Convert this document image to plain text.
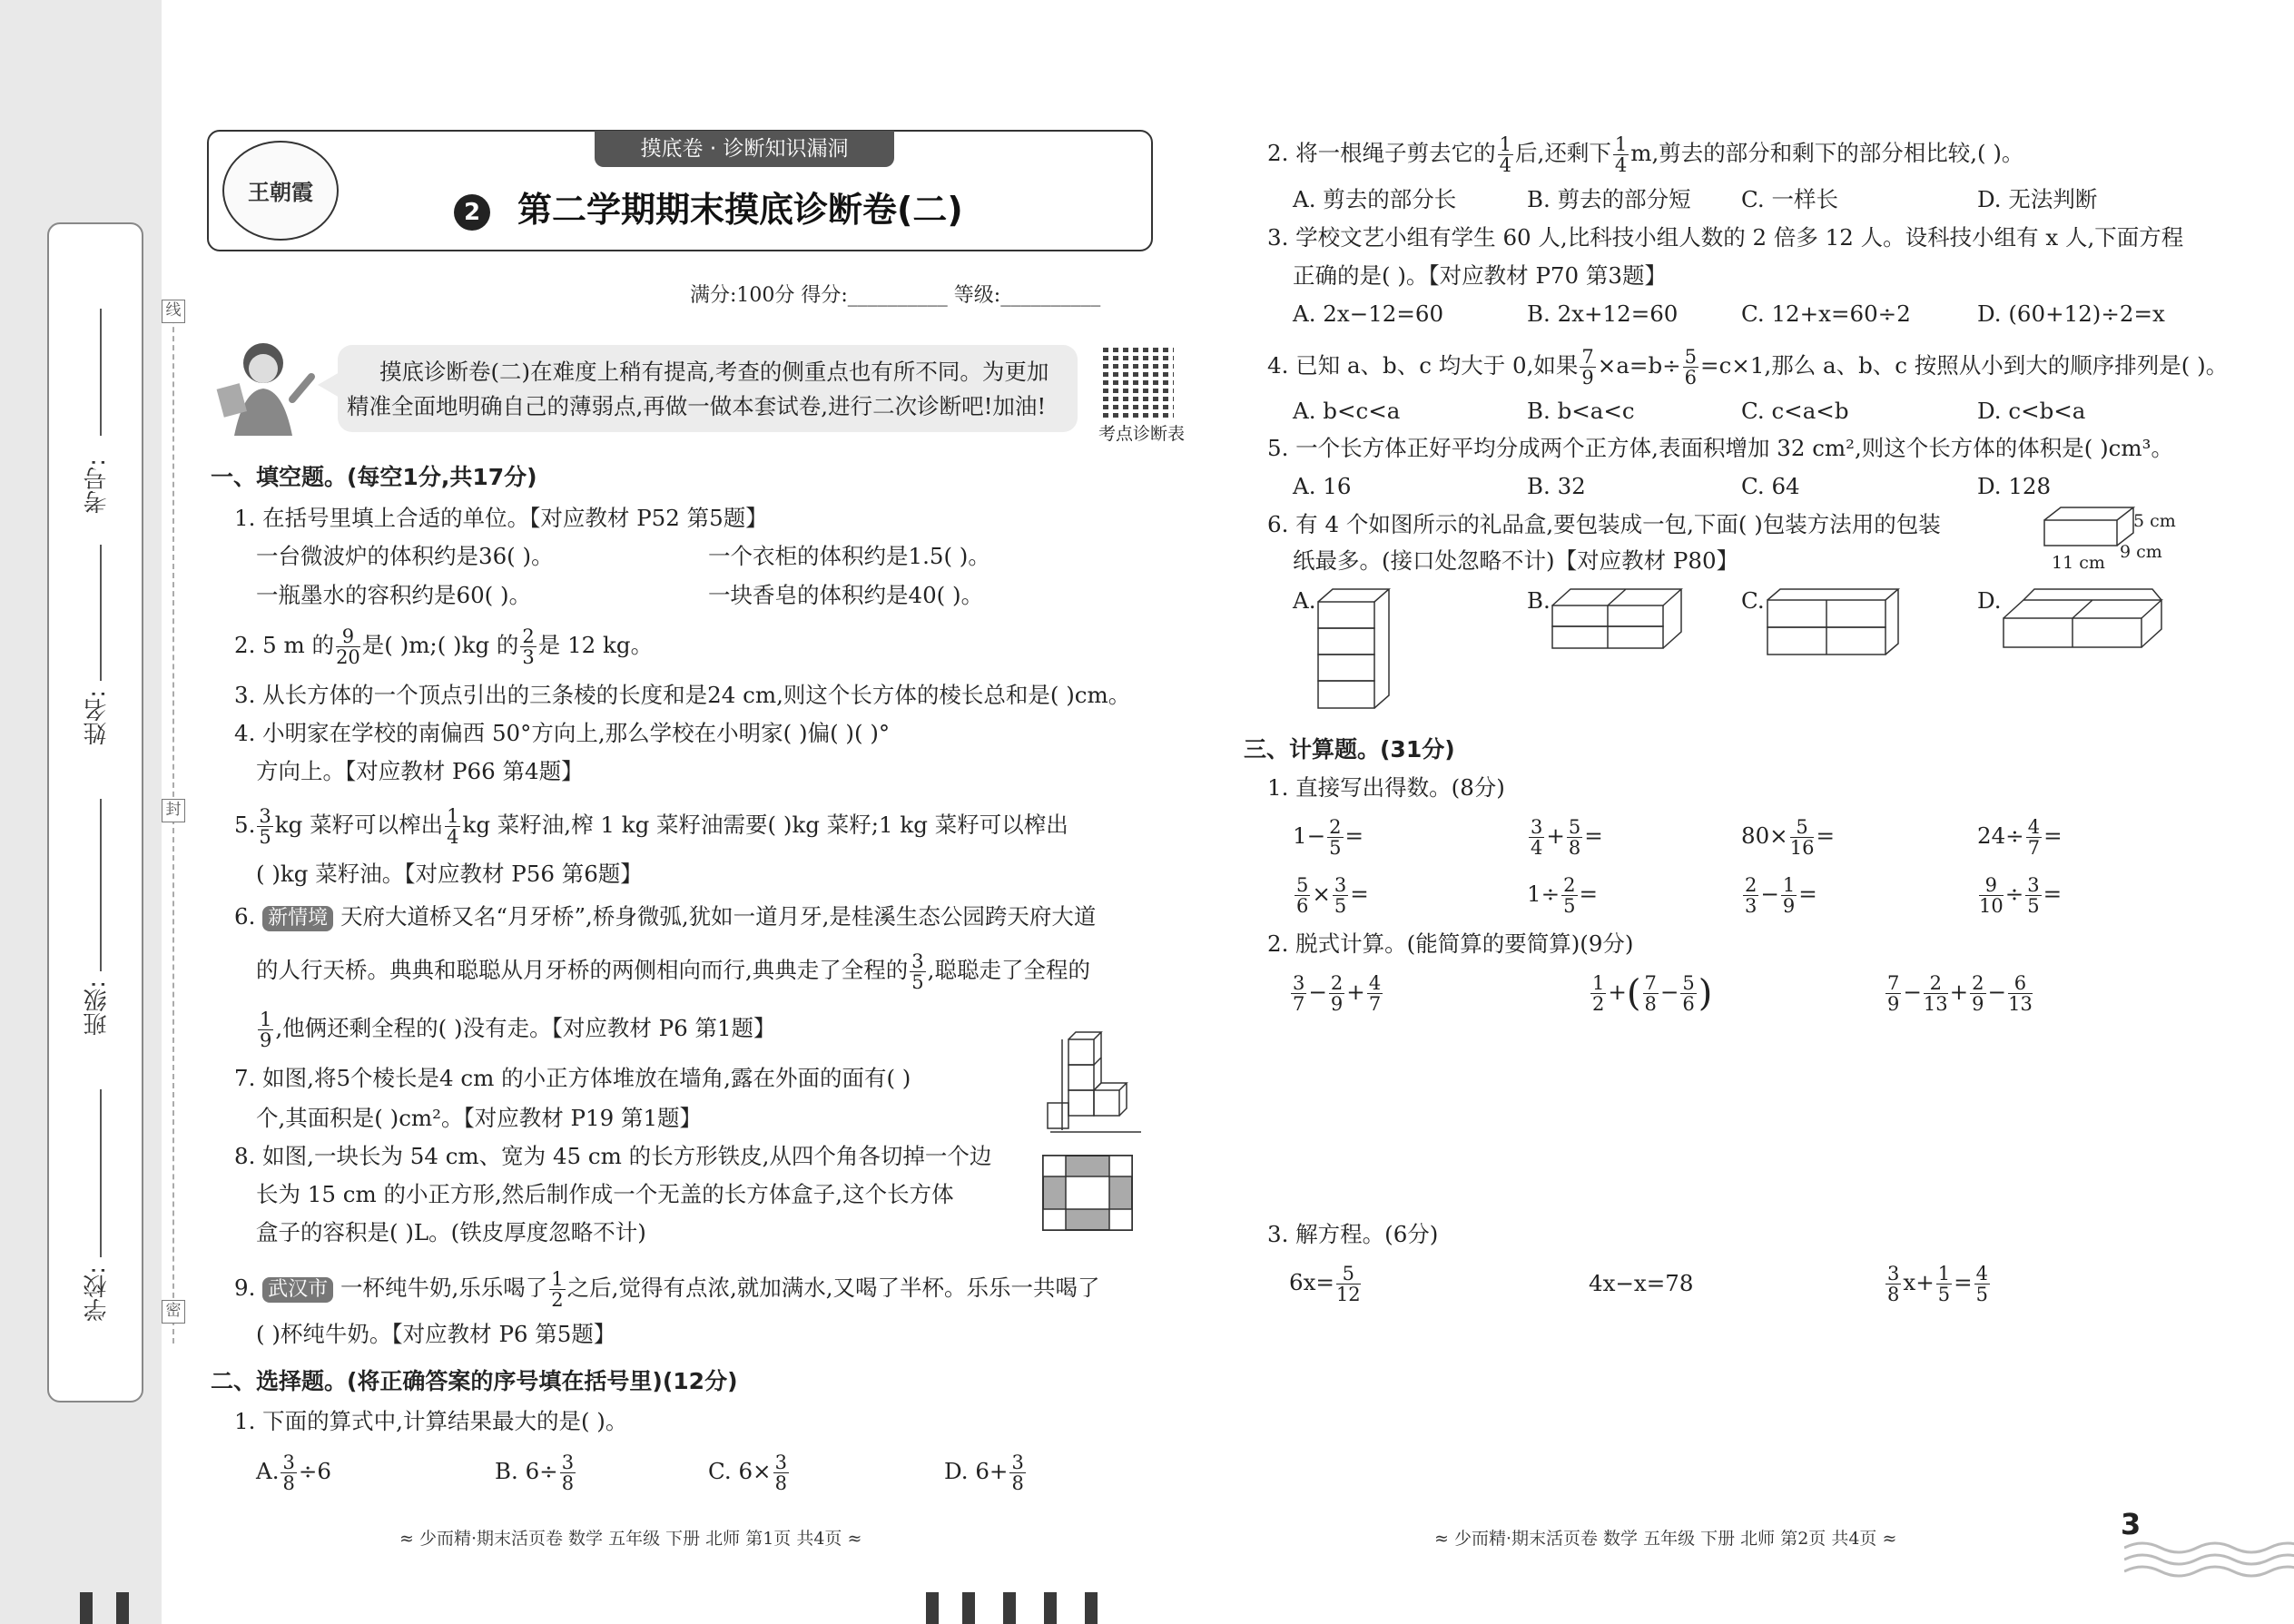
考号:
姓名:
班级:
学校:
线
封
密
摸底卷 · 诊断知识漏洞
王朝霞
2 第二学期期末摸底诊断卷(二)
满分:100分 得分:__________ 等级:__________
摸底诊断卷(二)在难度上稍有提高,考查的侧重点也有所不同。为更加
精准全面地明确自己的薄弱点,再做一做本套试卷,进行二次诊断吧!加油!
考点诊断表
一、填空题。(每空1分,共17分)
1. 在括号里填上合适的单位。【对应教材 P52 第5题】
一台微波炉的体积约是36( )。	一个衣柜的体积约是1.5( )。
一瓶墨水的容积约是60( )。	一块香皂的体积约是40( )。
2. 5 m 的 $\frac{9}{20}$ 是( )m;( )kg 的 $\frac{2}{3}$ 是 12 kg。
3. 从长方体的一个顶点引出的三条棱的长度和是24 cm,则这个长方体的棱长总和是( )cm。
4. 小明家在学校的南偏西 50°方向上,那么学校在小明家( )偏( )( )°
方向上。【对应教材 P66 第4题】
5. $\frac{3}{5}$ kg 菜籽可以榨出 $\frac{1}{4}$ kg 菜籽油,榨 1 kg 菜籽油需要( )kg 菜籽;1 kg 菜籽可以榨出
( )kg 菜籽油。【对应教材 P56 第6题】
6. 新情境 天府大道桥又名“月牙桥”,桥身微弧,犹如一道月牙,是桂溪生态公园跨天府大道
的人行天桥。典典和聪聪从月牙桥的两侧相向而行,典典走了全程的 $\frac{3}{5}$ ,聪聪走了全程的
$\frac{1}{9}$ ,他俩还剩全程的( )没有走。【对应教材 P6 第1题】
7. 如图,将5个棱长是4 cm 的小正方体堆放在墙角,露在外面的面有( )
个,其面积是( )cm²。【对应教材 P19 第1题】
8. 如图,一块长为 54 cm、宽为 45 cm 的长方形铁皮,从四个角各切掉一个边
长为 15 cm 的小正方形,然后制作成一个无盖的长方体盒子,这个长方体
盒子的容积是( )L。(铁皮厚度忽略不计)
9. 武汉市 一杯纯牛奶,乐乐喝了 $\frac{1}{2}$ 之后,觉得有点浓,就加满水,又喝了半杯。乐乐一共喝了
( )杯纯牛奶。【对应教材 P6 第5题】
二、选择题。(将正确答案的序号填在括号里)(12分)
1. 下面的算式中,计算结果最大的是( )。
A. $\frac{3}{8} \div 6$	B. $6\div \frac{3}{8}$	C. $6\times \frac{3}{8}$	D. $6+ \frac{3}{8}$
≈ 少而精·期末活页卷 数学 五年级 下册 北师 第1页 共4页 ≈
2. 将一根绳子剪去它的 $\frac{1}{4}$ 后,还剩下 $\frac{1}{4} m$,剪去的部分和剩下的部分相比较,( )。
A. 剪去的部分长	B. 剪去的部分短 C. 一样长	D. 无法判断
3. 学校文艺小组有学生 60 人,比科技小组人数的 2 倍多 12 人。设科技小组有 x 人,下面方程
正确的是( )。【对应教材 P70 第3题】
A. 2x−12=60	B. 2x+12=60	C. 12+x=60÷2	D. (60+12)÷2=x
4. 已知 a、b、c 均大于 0,如果 $\frac{7}{9} \times a=b\div \frac{5}{6} =c\times 1$,那么 a、b、c 按照从小到大的顺序排列是( )。
A. b<c<a	B. b<a<c	C. c<a<b	D. c<b<a
5. 一个长方体正好平均分成两个正方体,表面积增加 32 cm²,则这个长方体的体积是( )cm³。
A. 16	B. 32	C. 64	D. 128
6. 有 4 个如图所示的礼品盒,要包装成一包,下面( )包装方法用的包装
纸最多。(接口处忽略不计)【对应教材 P80】
5 cm
9 cm
11 cm
A.	B.	C.	D.
三、计算题。(31分)
1. 直接写出得数。(8分)
$1- \frac{2}{5}$ =	$\frac{3}{4} + \frac{5}{8}$ =	$80\times \frac{5}{16}$ =	$24\div \frac{4}{7}$ =
$\frac{5}{6} \times \frac{3}{5}$ =	$1\div \frac{2}{5}$ =	$\frac{2}{3} - \frac{1}{9}$ =	$\frac{9}{10} \div \frac{3}{5}$ =
2. 脱式计算。(能简算的要简算)(9分)
$\frac{3}{7} - \frac{2}{9} + \frac{4}{7}$	$\frac{1}{2}$ +( $\frac{7}{8} - \frac{5}{6}$ )	$\frac{7}{9} - \frac{2}{13} + \frac{2}{9} - \frac{6}{13}$
3. 解方程。(6分)
$6x= \frac{5}{12}$	4x−x=78	$\frac{3}{8} x+ \frac{1}{5} = \frac{4}{5}$
≈ 少而精·期末活页卷 数学 五年级 下册 北师 第2页 共4页 ≈	3
